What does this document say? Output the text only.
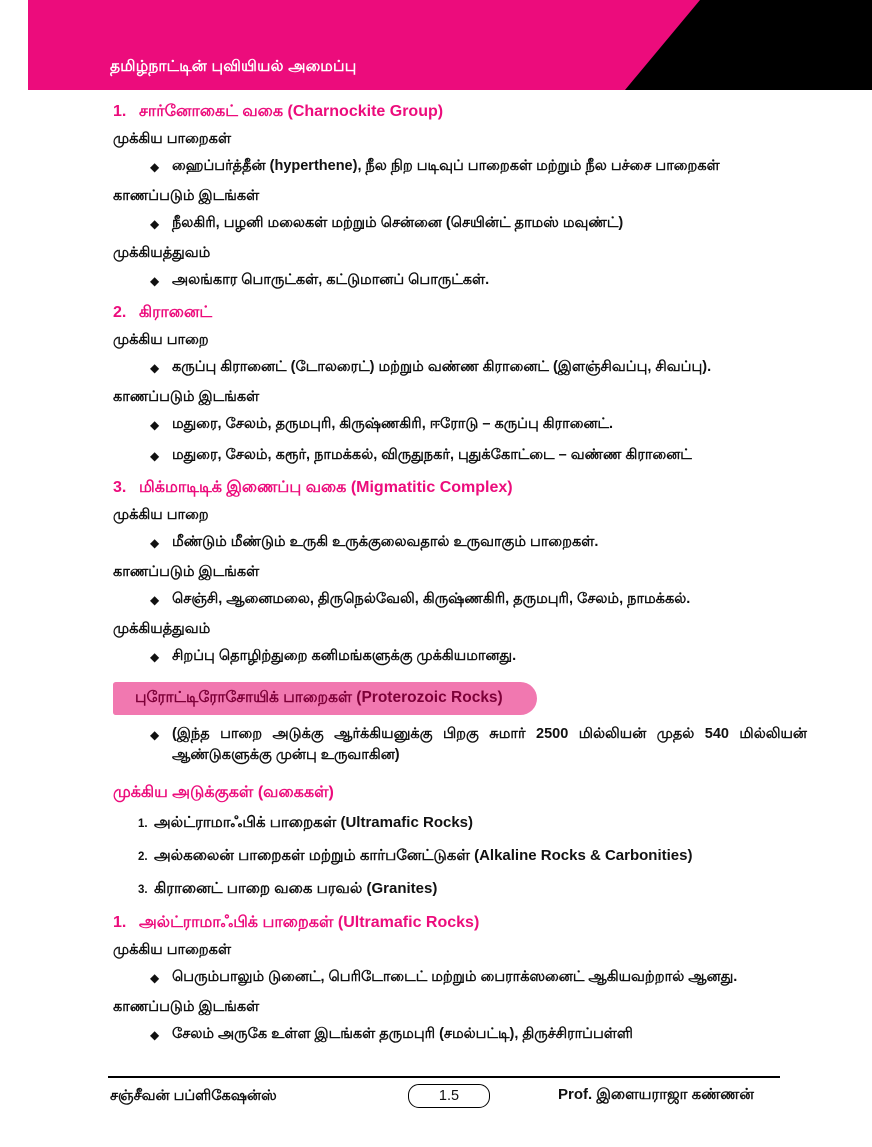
தமிழ்நாட்டின் புவியியல் அமைப்பு
1. சார்னோகைட் வகை (Charnockite Group)
முக்கிய பாறைகள்
◆ ஹைப்பர்த்தீன் (hyperthene), நீல நிற படிவுப் பாறைகள் மற்றும் நீல பச்சை பாறைகள்
காணப்படும் இடங்கள்
◆ நீலகிரி, பழனி மலைகள் மற்றும் சென்னை (செயின்ட் தாமஸ் மவுண்ட்)
முக்கியத்துவம்
◆ அலங்கார பொருட்கள், கட்டுமானப் பொருட்கள்.
2. கிரானைட்
முக்கிய பாறை
◆ கருப்பு கிரானைட் (டோலரைட்) மற்றும் வண்ண கிரானைட் (இளஞ்சிவப்பு, சிவப்பு).
காணப்படும் இடங்கள்
◆ மதுரை, சேலம், தருமபுரி, கிருஷ்ணகிரி, ஈரோடு – கருப்பு கிரானைட்.
◆ மதுரை, சேலம், கரூர், நாமக்கல், விருதுநகர், புதுக்கோட்டை – வண்ண கிரானைட்
3. மிக்மாடிடிக் இணைப்பு வகை (Migmatitic Complex)
முக்கிய பாறை
◆ மீண்டும் மீண்டும் உருகி உருக்குலைவதால் உருவாகும் பாறைகள்.
காணப்படும் இடங்கள்
◆ செஞ்சி, ஆனைமலை, திருநெல்வேலி, கிருஷ்ணகிரி, தருமபுரி, சேலம், நாமக்கல்.
முக்கியத்துவம்
◆ சிறப்பு தொழிற்துறை கனிமங்களுக்கு முக்கியமானது.
புரோட்டிரோசோயிக் பாறைகள் (Proterozoic Rocks)
◆ (இந்த பாறை அடுக்கு ஆர்க்கியனுக்கு பிறகு சுமார் 2500 மில்லியன் முதல் 540 மில்லியன் ஆண்டுகளுக்கு முன்பு உருவாகின)
முக்கிய அடுக்குகள் (வகைகள்)
1. அல்ட்ராமாஃபிக் பாறைகள் (Ultramafic Rocks)
2. அல்கலைன் பாறைகள் மற்றும் கார்பனேட்டுகள் (Alkaline Rocks & Carbonities)
3. கிரானைட் பாறை வகை பரவல் (Granites)
1. அல்ட்ராமாஃபிக் பாறைகள் (Ultramafic Rocks)
முக்கிய பாறைகள்
◆ பெரும்பாலும் டுனைட், பெரிடோடைட் மற்றும் பைராக்ஸனைட் ஆகியவற்றால் ஆனது.
காணப்படும் இடங்கள்
◆ சேலம் அருகே உள்ள இடங்கள் தருமபுரி (சமல்பட்டி), திருச்சிராப்பள்ளி
சஞ்சீவன் பப்ளிகேஷன்ஸ்	1.5	Prof. இளையராஜா கண்ணன்
